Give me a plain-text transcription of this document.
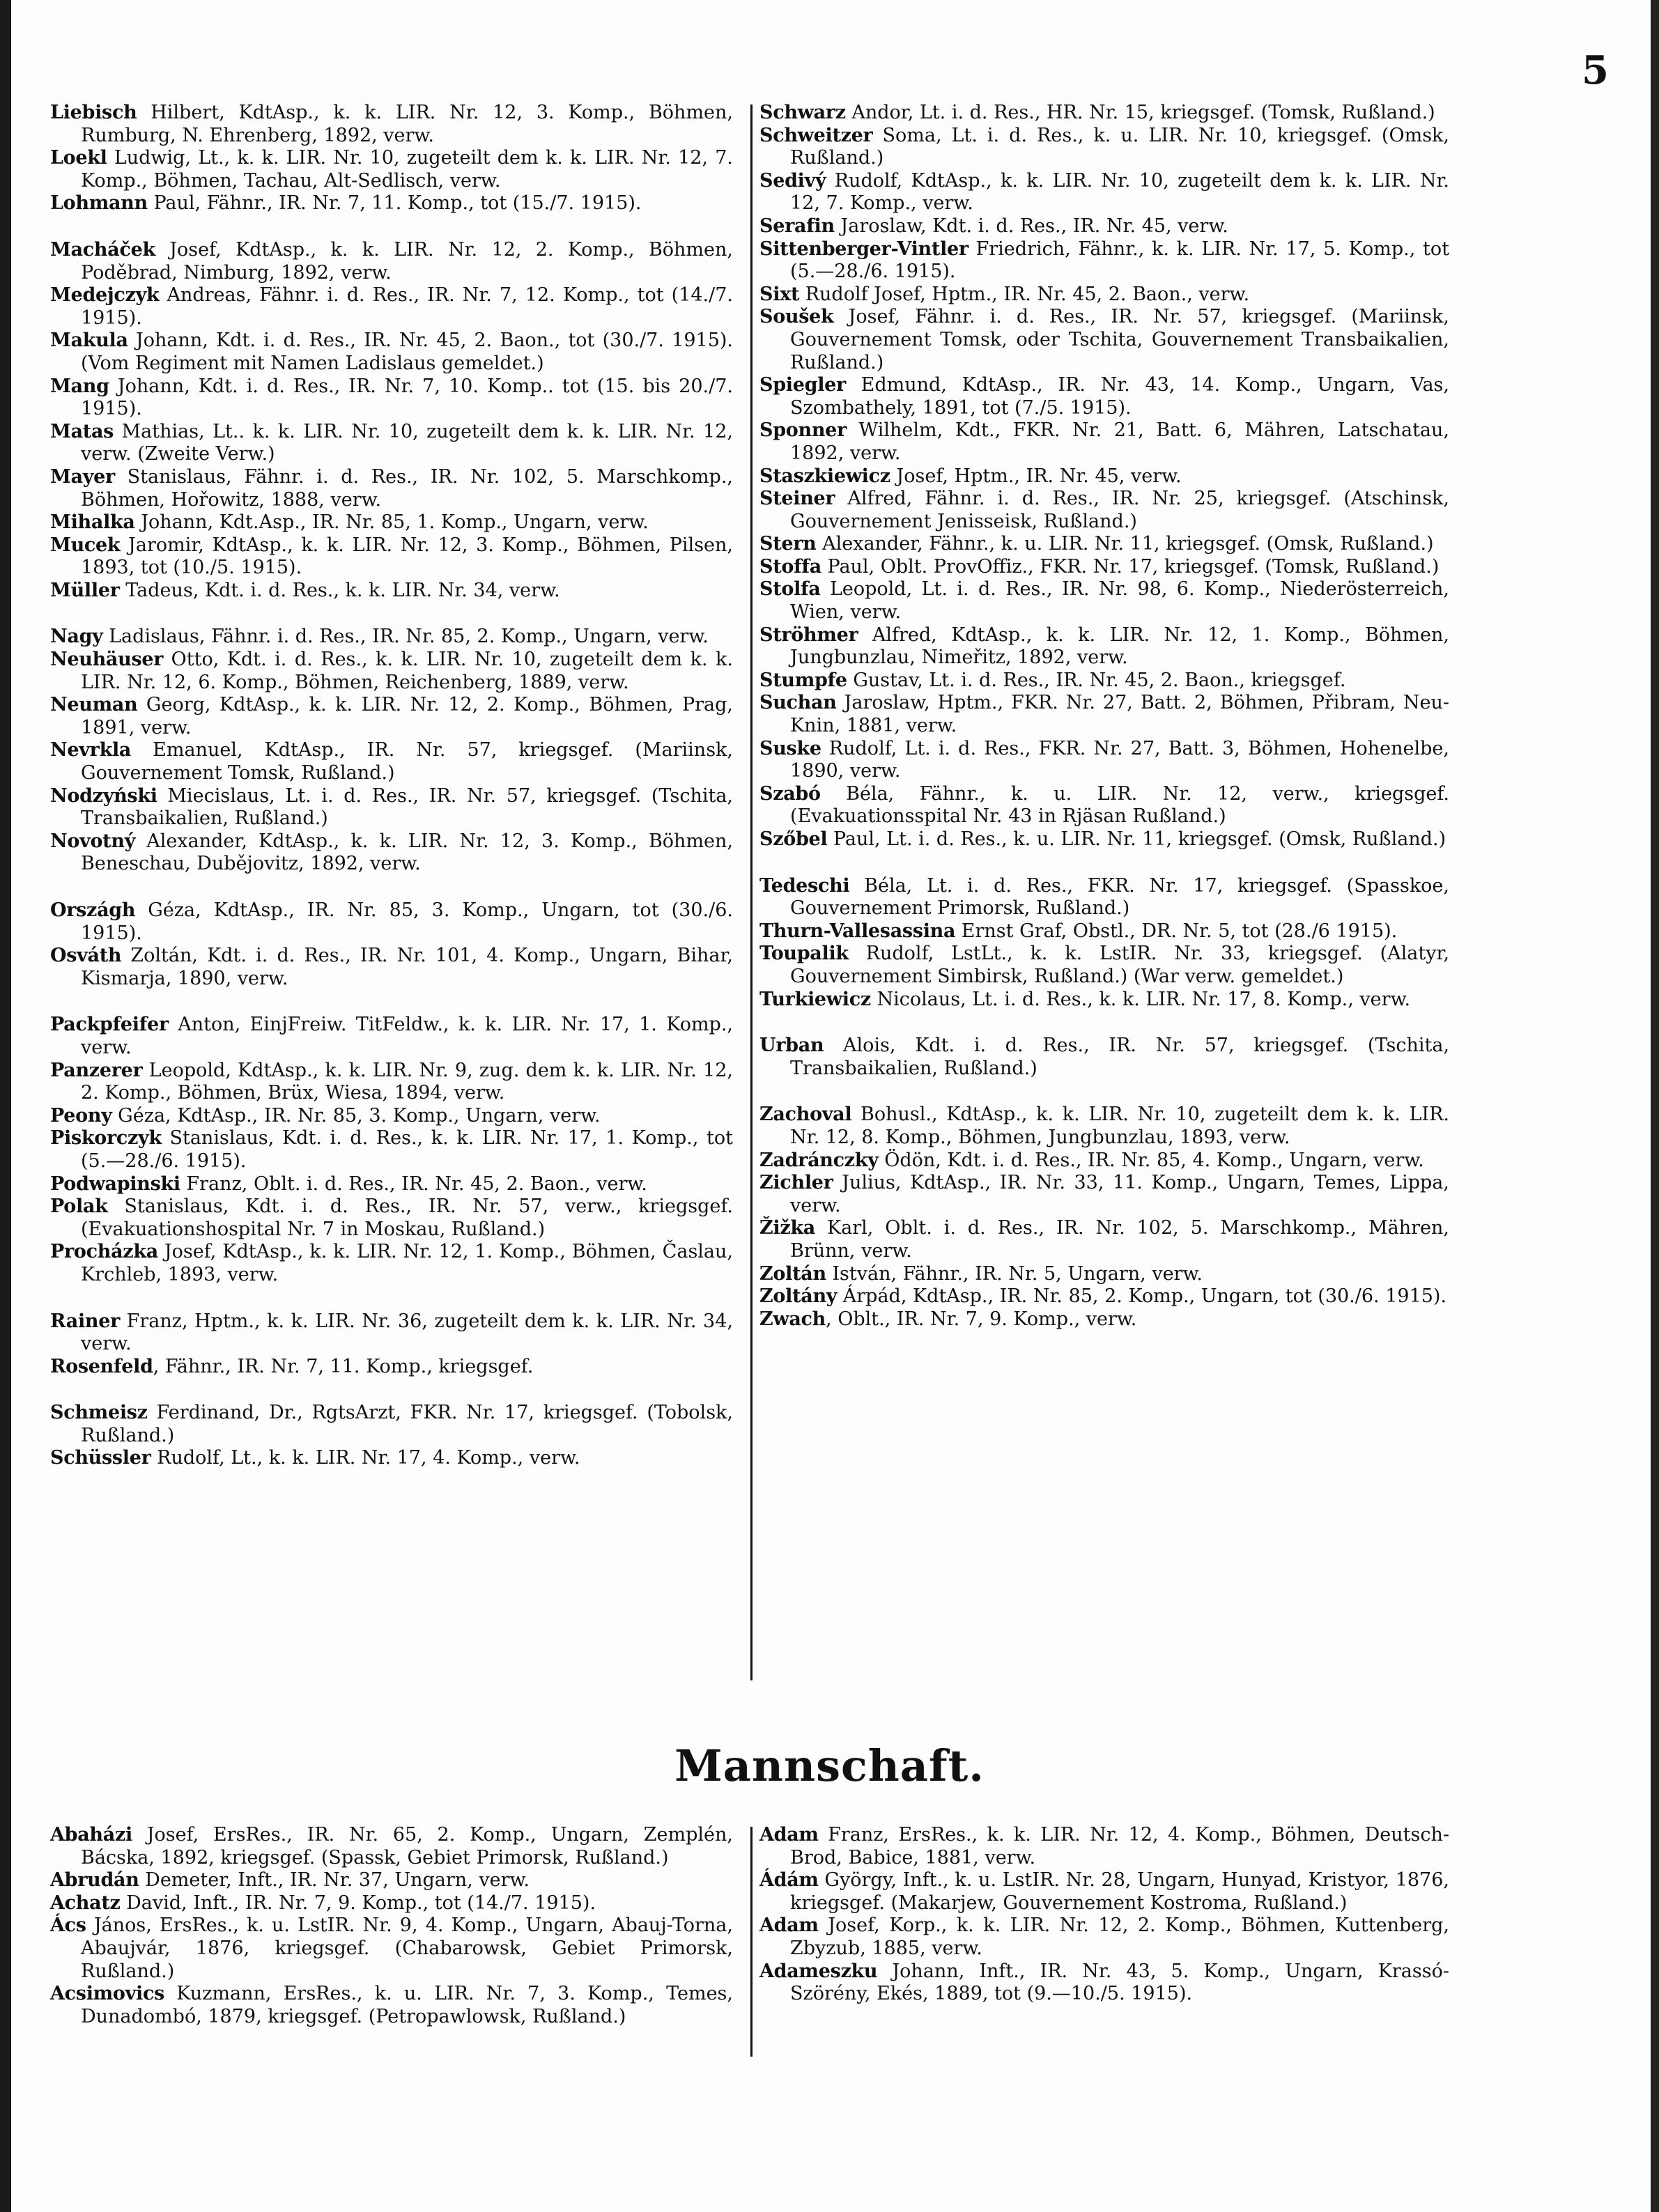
5

Liebisch Hilbert, KdtAsp., k. k. LIR. Nr. 12, 3. Komp., Böhmen, Rumburg, N. Ehrenberg, 1892, verw.

Loekl Ludwig, Lt., k. k. LIR. Nr. 10, zugeteilt dem k. k. LIR. Nr. 12, 7. Komp., Böhmen, Tachau, Alt-Sedlisch, verw.

Lohmann Paul, Fähnr., IR. Nr. 7, 11. Komp., tot (15./7. 1915).

Macháček Josef, KdtAsp., k. k. LIR. Nr. 12, 2. Komp., Böhmen, Poděbrad, Nimburg, 1892, verw.

Medejczyk Andreas, Fähnr. i. d. Res., IR. Nr. 7, 12. Komp., tot (14./7. 1915).

Makula Johann, Kdt. i. d. Res., IR. Nr. 45, 2. Baon., tot (30./7. 1915). (Vom Regiment mit Namen Ladislaus gemeldet.)

Mang Johann, Kdt. i. d. Res., IR. Nr. 7, 10. Komp.. tot (15. bis 20./7. 1915).

Matas Mathias, Lt.. k. k. LIR. Nr. 10, zugeteilt dem k. k. LIR. Nr. 12, verw. (Zweite Verw.)

Mayer Stanislaus, Fähnr. i. d. Res., IR. Nr. 102, 5. Marschkomp., Böhmen, Hořowitz, 1888, verw.

Mihalka Johann, Kdt.Asp., IR. Nr. 85, 1. Komp., Ungarn, verw.

Mucek Jaromir, KdtAsp., k. k. LIR. Nr. 12, 3. Komp., Böhmen, Pilsen, 1893, tot (10./5. 1915).

Müller Tadeus, Kdt. i. d. Res., k. k. LIR. Nr. 34, verw.

Nagy Ladislaus, Fähnr. i. d. Res., IR. Nr. 85, 2. Komp., Ungarn, verw.

Neuhäuser Otto, Kdt. i. d. Res., k. k. LIR. Nr. 10, zugeteilt dem k. k. LIR. Nr. 12, 6. Komp., Böhmen, Reichenberg, 1889, verw.

Neuman Georg, KdtAsp., k. k. LIR. Nr. 12, 2. Komp., Böhmen, Prag, 1891, verw.

Nevrkla Emanuel, KdtAsp., IR. Nr. 57, kriegsgef. (Mariinsk, Gouvernement Tomsk, Rußland.)

Nodzyński Miecislaus, Lt. i. d. Res., IR. Nr. 57, kriegsgef. (Tschita, Transbaikalien, Rußland.)

Novotný Alexander, KdtAsp., k. k. LIR. Nr. 12, 3. Komp., Böhmen, Beneschau, Dubějovitz, 1892, verw.

Országh Géza, KdtAsp., IR. Nr. 85, 3. Komp., Ungarn, tot (30./6. 1915).

Osváth Zoltán, Kdt. i. d. Res., IR. Nr. 101, 4. Komp., Ungarn, Bihar, Kismarja, 1890, verw.

Packpfeifer Anton, EinjFreiw. TitFeldw., k. k. LIR. Nr. 17, 1. Komp., verw.

Panzerer Leopold, KdtAsp., k. k. LIR. Nr. 9, zug. dem k. k. LIR. Nr. 12, 2. Komp., Böhmen, Brüx, Wiesa, 1894, verw.

Peony Géza, KdtAsp., IR. Nr. 85, 3. Komp., Ungarn, verw.

Piskorczyk Stanislaus, Kdt. i. d. Res., k. k. LIR. Nr. 17, 1. Komp., tot (5.—28./6. 1915).

Podwapinski Franz, Oblt. i. d. Res., IR. Nr. 45, 2. Baon., verw.

Polak Stanislaus, Kdt. i. d. Res., IR. Nr. 57, verw., kriegsgef. (Evakuationshospital Nr. 7 in Moskau, Rußland.)

Procházka Josef, KdtAsp., k. k. LIR. Nr. 12, 1. Komp., Böhmen, Časlau, Krchleb, 1893, verw.

Rainer Franz, Hptm., k. k. LIR. Nr. 36, zugeteilt dem k. k. LIR. Nr. 34, verw.

Rosenfeld, Fähnr., IR. Nr. 7, 11. Komp., kriegsgef.

Schmeisz Ferdinand, Dr., RgtsArzt, FKR. Nr. 17, kriegsgef. (Tobolsk, Rußland.)

Schüssler Rudolf, Lt., k. k. LIR. Nr. 17, 4. Komp., verw.

Schwarz Andor, Lt. i. d. Res., HR. Nr. 15, kriegsgef. (Tomsk, Rußland.)

Schweitzer Soma, Lt. i. d. Res., k. u. LIR. Nr. 10, kriegsgef. (Omsk, Rußland.)

Sedivý Rudolf, KdtAsp., k. k. LIR. Nr. 10, zugeteilt dem k. k. LIR. Nr. 12, 7. Komp., verw.

Serafin Jaroslaw, Kdt. i. d. Res., IR. Nr. 45, verw.

Sittenberger-Vintler Friedrich, Fähnr., k. k. LIR. Nr. 17, 5. Komp., tot (5.—28./6. 1915).

Sixt Rudolf Josef, Hptm., IR. Nr. 45, 2. Baon., verw.

Soušek Josef, Fähnr. i. d. Res., IR. Nr. 57, kriegsgef. (Mariinsk, Gouvernement Tomsk, oder Tschita, Gouvernement Transbaikalien, Rußland.)

Spiegler Edmund, KdtAsp., IR. Nr. 43, 14. Komp., Ungarn, Vas, Szombathely, 1891, tot (7./5. 1915).

Sponner Wilhelm, Kdt., FKR. Nr. 21, Batt. 6, Mähren, Latschatau, 1892, verw.

Staszkiewicz Josef, Hptm., IR. Nr. 45, verw.

Steiner Alfred, Fähnr. i. d. Res., IR. Nr. 25, kriegsgef. (Atschinsk, Gouvernement Jenisseisk, Rußland.)

Stern Alexander, Fähnr., k. u. LIR. Nr. 11, kriegsgef. (Omsk, Rußland.)

Stoffa Paul, Oblt. ProvOffiz., FKR. Nr. 17, kriegsgef. (Tomsk, Rußland.)

Stolfa Leopold, Lt. i. d. Res., IR. Nr. 98, 6. Komp., Niederösterreich, Wien, verw.

Ströhmer Alfred, KdtAsp., k. k. LIR. Nr. 12, 1. Komp., Böhmen, Jungbunzlau, Nimeřitz, 1892, verw.

Stumpfe Gustav, Lt. i. d. Res., IR. Nr. 45, 2. Baon., kriegsgef.

Suchan Jaroslaw, Hptm., FKR. Nr. 27, Batt. 2, Böhmen, Přibram, Neu-Knin, 1881, verw.

Suske Rudolf, Lt. i. d. Res., FKR. Nr. 27, Batt. 3, Böhmen, Hohenelbe, 1890, verw.

Szabó Béla, Fähnr., k. u. LIR. Nr. 12, verw., kriegsgef. (Evakuationsspital Nr. 43 in Rjäsan Rußland.)

Szőbel Paul, Lt. i. d. Res., k. u. LIR. Nr. 11, kriegsgef. (Omsk, Rußland.)

Tedeschi Béla, Lt. i. d. Res., FKR. Nr. 17, kriegsgef. (Spasskoe, Gouvernement Primorsk, Rußland.)

Thurn-Vallesassina Ernst Graf, Obstl., DR. Nr. 5, tot (28./6 1915).

Toupalik Rudolf, LstLt., k. k. LstIR. Nr. 33, kriegsgef. (Alatyr, Gouvernement Simbirsk, Rußland.) (War verw. gemeldet.)

Turkiewicz Nicolaus, Lt. i. d. Res., k. k. LIR. Nr. 17, 8. Komp., verw.

Urban Alois, Kdt. i. d. Res., IR. Nr. 57, kriegsgef. (Tschita, Transbaikalien, Rußland.)

Zachoval Bohusl., KdtAsp., k. k. LIR. Nr. 10, zugeteilt dem k. k. LIR. Nr. 12, 8. Komp., Böhmen, Jungbunzlau, 1893, verw.

Zadránczky Ödön, Kdt. i. d. Res., IR. Nr. 85, 4. Komp., Ungarn, verw.

Zichler Julius, KdtAsp., IR. Nr. 33, 11. Komp., Ungarn, Temes, Lippa, verw.

Žižka Karl, Oblt. i. d. Res., IR. Nr. 102, 5. Marschkomp., Mähren, Brünn, verw.

Zoltán István, Fähnr., IR. Nr. 5, Ungarn, verw.

Zoltány Árpád, KdtAsp., IR. Nr. 85, 2. Komp., Ungarn, tot (30./6. 1915).

Zwach, Oblt., IR. Nr. 7, 9. Komp., verw.

Mannschaft.

Abaházi Josef, ErsRes., IR. Nr. 65, 2. Komp., Ungarn, Zemplén, Bácska, 1892, kriegsgef. (Spassk, Gebiet Primorsk, Rußland.)

Abrudán Demeter, Inft., IR. Nr. 37, Ungarn, verw.

Achatz David, Inft., IR. Nr. 7, 9. Komp., tot (14./7. 1915).

Ács János, ErsRes., k. u. LstIR. Nr. 9, 4. Komp., Ungarn, Abauj-Torna, Abaujvár, 1876, kriegsgef. (Chabarowsk, Gebiet Primorsk, Rußland.)

Acsimovics Kuzmann, ErsRes., k. u. LIR. Nr. 7, 3. Komp., Temes, Dunadombó, 1879, kriegsgef. (Petropawlowsk, Rußland.)

Adam Franz, ErsRes., k. k. LIR. Nr. 12, 4. Komp., Böhmen, Deutsch-Brod, Babice, 1881, verw.

Ádám György, Inft., k. u. LstIR. Nr. 28, Ungarn, Hunyad, Kristyor, 1876, kriegsgef. (Makarjew, Gouvernement Kostroma, Rußland.)

Adam Josef, Korp., k. k. LIR. Nr. 12, 2. Komp., Böhmen, Kuttenberg, Zbyzub, 1885, verw.

Adameszku Johann, Inft., IR. Nr. 43, 5. Komp., Ungarn, Krassó-Szörény, Ekés, 1889, tot (9.—10./5. 1915).
